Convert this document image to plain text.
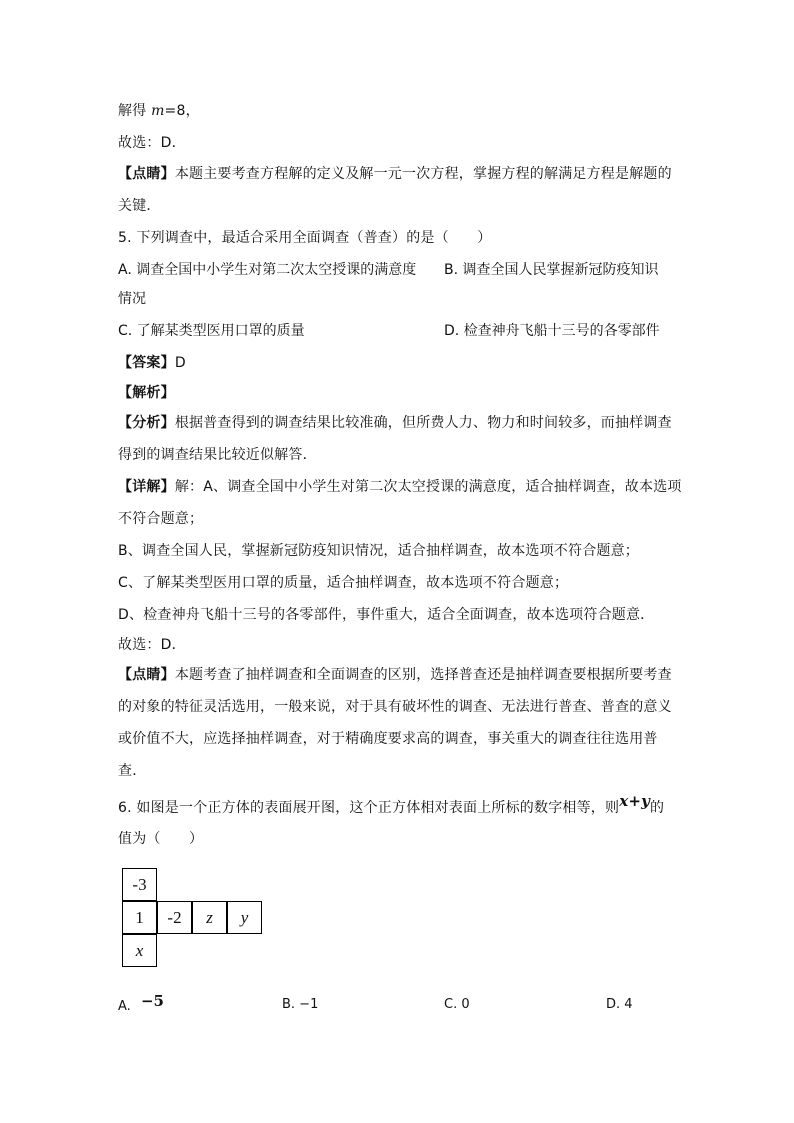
解得 m=8，
故选：D．
【点睛】本题主要考查方程解的定义及解一元一次方程，掌握方程的解满足方程是解题的
关键．
5. 下列调查中，最适合采用全面调查（普查）的是（　　）
A. 调查全国中小学生对第二次太空授课的满意度 B. 调查全国人民掌握新冠防疫知识
情况
C. 了解某类型医用口罩的质量	D. 检查神舟飞船十三号的各零部件
【答案】D
【解析】
【分析】根据普查得到的调查结果比较准确，但所费人力、物力和时间较多，而抽样调查
得到的调查结果比较近似解答．
【详解】解：A、调查全国中小学生对第二次太空授课的满意度，适合抽样调查，故本选项
不符合题意；
B、调查全国人民，掌握新冠防疫知识情况，适合抽样调查，故本选项不符合题意；
C、了解某类型医用口罩的质量，适合抽样调查，故本选项不符合题意；
D、检查神舟飞船十三号的各零部件，事件重大，适合全面调查，故本选项符合题意．
故选：D．
【点睛】本题考查了抽样调查和全面调查的区别，选择普查还是抽样调查要根据所要考查
的对象的特征灵活选用，一般来说，对于具有破坏性的调查、无法进行普查、普查的意义
或价值不大，应选择抽样调查，对于精确度要求高的调查，事关重大的调查往往选用普
查．
6. 如图是一个正方体的表面展开图，这个正方体相对表面上所标的数字相等，则x+y的
值为（　　）
-3
1	-2	z	y
x
A. −5	B. −1	C. 0	D. 4
